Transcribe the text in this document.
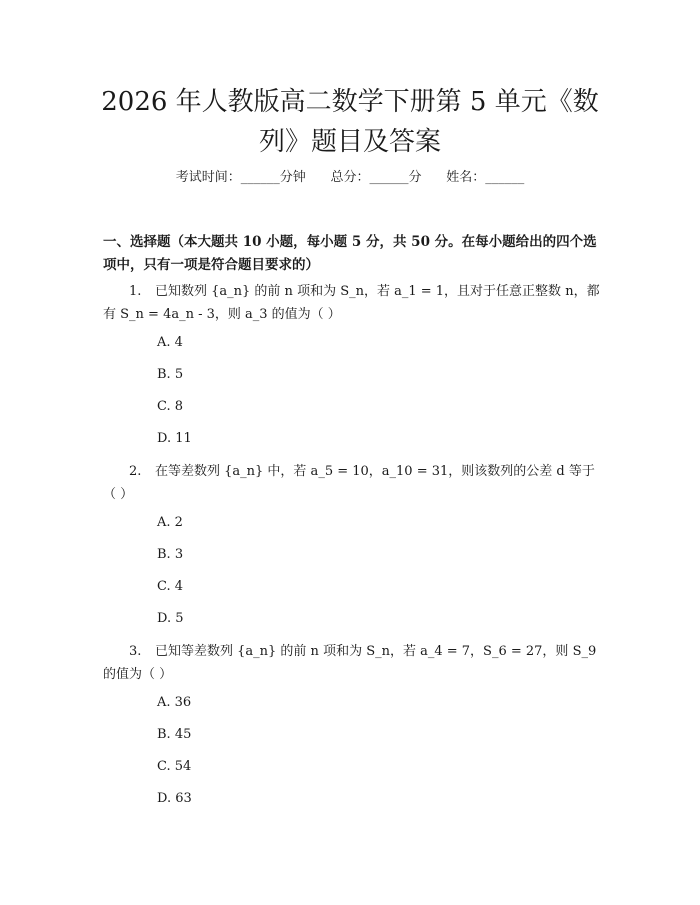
2026 年人教版高二数学下册第 5 单元《数
列》题目及答案
考试时间：______分钟      总分：______分      姓名：______
一、选择题（本大题共 10 小题，每小题 5 分，共 50 分。在每小题给出的四个选项中，只有一项是符合题目要求的）
1. 已知数列 {a_n} 的前 n 项和为 S_n，若 a_1 = 1，且对于任意正整数 n，都有 S_n = 4a_n - 3，则 a_3 的值为（ ）
A. 4
B. 5
C. 8
D. 11
2. 在等差数列 {a_n} 中，若 a_5 = 10，a_10 = 31，则该数列的公差 d 等于（ ）
A. 2
B. 3
C. 4
D. 5
3. 已知等差数列 {a_n} 的前 n 项和为 S_n，若 a_4 = 7，S_6 = 27，则 S_9 的值为（ ）
A. 36
B. 45
C. 54
D. 63
